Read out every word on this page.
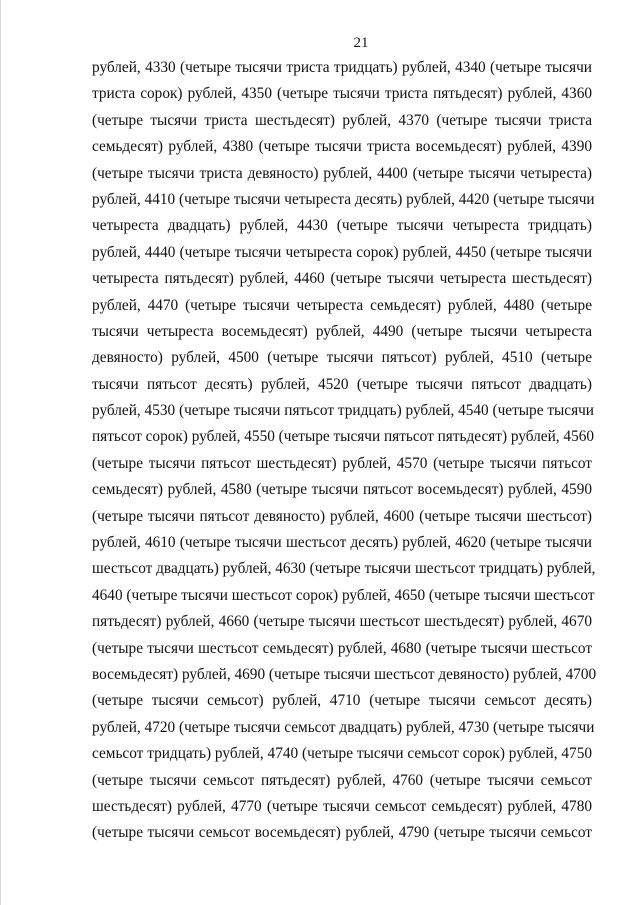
21
рублей, 4330 (четыре тысячи триста тридцать) рублей, 4340 (четыре тысячи
триста сорок) рублей, 4350 (четыре тысячи триста пятьдесят) рублей, 4360
(четыре тысячи триста шестьдесят) рублей, 4370 (четыре тысячи триста
семьдесят) рублей, 4380 (четыре тысячи триста восемьдесят) рублей, 4390
(четыре тысячи триста девяносто) рублей, 4400 (четыре тысячи четыреста)
рублей, 4410 (четыре тысячи четыреста десять) рублей, 4420 (четыре тысячи
четыреста двадцать) рублей, 4430 (четыре тысячи четыреста тридцать)
рублей, 4440 (четыре тысячи четыреста сорок) рублей, 4450 (четыре тысячи
четыреста пятьдесят) рублей, 4460 (четыре тысячи четыреста шестьдесят)
рублей, 4470 (четыре тысячи четыреста семьдесят) рублей, 4480 (четыре
тысячи четыреста восемьдесят) рублей, 4490 (четыре тысячи четыреста
девяносто) рублей, 4500 (четыре тысячи пятьсот) рублей, 4510 (четыре
тысячи пятьсот десять) рублей, 4520 (четыре тысячи пятьсот двадцать)
рублей, 4530 (четыре тысячи пятьсот тридцать) рублей, 4540 (четыре тысячи
пятьсот сорок) рублей, 4550 (четыре тысячи пятьсот пятьдесят) рублей, 4560
(четыре тысячи пятьсот шестьдесят) рублей, 4570 (четыре тысячи пятьсот
семьдесят) рублей, 4580 (четыре тысячи пятьсот восемьдесят) рублей, 4590
(четыре тысячи пятьсот девяносто) рублей, 4600 (четыре тысячи шестьсот)
рублей, 4610 (четыре тысячи шестьсот десять) рублей, 4620 (четыре тысячи
шестьсот двадцать) рублей, 4630 (четыре тысячи шестьсот тридцать) рублей,
4640 (четыре тысячи шестьсот сорок) рублей, 4650 (четыре тысячи шестьсот
пятьдесят) рублей, 4660 (четыре тысячи шестьсот шестьдесят) рублей, 4670
(четыре тысячи шестьсот семьдесят) рублей, 4680 (четыре тысячи шестьсот
восемьдесят) рублей, 4690 (четыре тысячи шестьсот девяносто) рублей, 4700
(четыре тысячи семьсот) рублей, 4710 (четыре тысячи семьсот десять)
рублей, 4720 (четыре тысячи семьсот двадцать) рублей, 4730 (четыре тысячи
семьсот тридцать) рублей, 4740 (четыре тысячи семьсот сорок) рублей, 4750
(четыре тысячи семьсот пятьдесят) рублей, 4760 (четыре тысячи семьсот
шестьдесят) рублей, 4770 (четыре тысячи семьсот семьдесят) рублей, 4780
(четыре тысячи семьсот восемьдесят) рублей, 4790 (четыре тысячи семьсот
